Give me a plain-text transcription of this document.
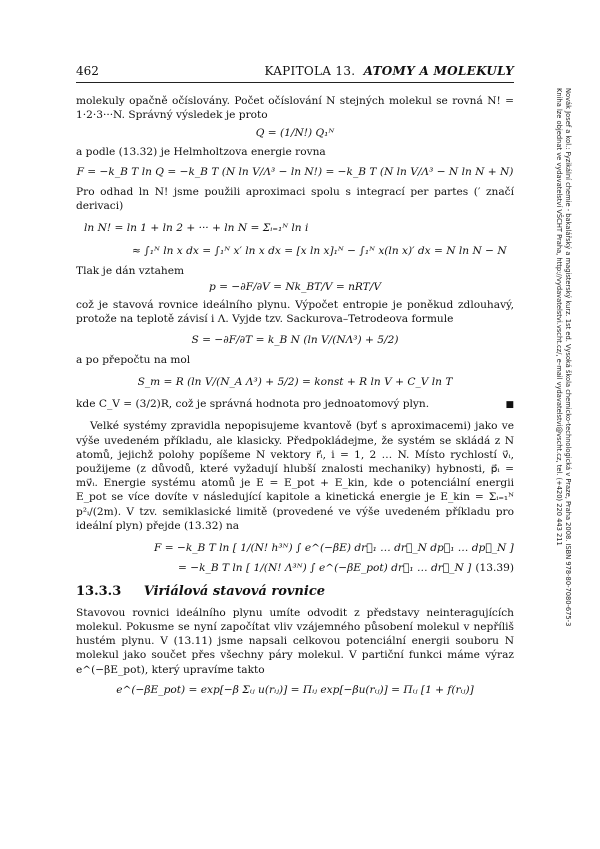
462	KAPITOLA 13. ATOMY A MOLEKULY

molekuly opačně očíslovány. Počet očíslování N stejných molekul se rovná N! = 1·2·3···N. Správný výsledek je proto

Q = (1/N!) Q₁ᴺ

a podle (13.32) je Helmholtzova energie rovna

F = −k_B T ln Q = −k_B T (N ln V/Λ³ − ln N!) = −k_B T (N ln V/Λ³ − N ln N + N)

Pro odhad ln N! jsme použili aproximaci spolu s integrací per partes (′ značí derivaci)

ln N! = ln 1 + ln 2 + ··· + ln N = Σᵢ₌₁ᴺ ln i
≈ ∫₁ᴺ ln x dx = ∫₁ᴺ x′ ln x dx = [x ln x]₁ᴺ − ∫₁ᴺ x(ln x)′ dx = N ln N − N

Tlak je dán vztahem

p = −∂F/∂V = Nk_BT/V = nRT/V

což je stavová rovnice ideálního plynu. Výpočet entropie je poněkud zdlouhavý, protože na teplotě závisí i Λ. Vyjde tzv. Sackurova–Tetrodeova formule

S = −∂F/∂T = k_B N (ln V/(NΛ³) + 5/2)

a po přepočtu na mol

S_m = R (ln V/(N_A Λ³) + 5/2) = konst + R ln V + C_V ln T

kde C_V = (3/2)R, což je správná hodnota pro jednoatomový plyn.	■

Velké systémy zpravidla nepopisujeme kvantově (byť s aproximacemi) jako ve výše uvedeném příkladu, ale klasicky. Předpokládejme, že systém se skládá z N atomů, jejichž polohy popíšeme N vektory r⃗ᵢ, i = 1, 2 … N. Místo rychlostí v⃗ᵢ, použijeme (z důvodů, které vyžadují hlubší znalosti mechaniky) hybnosti, p⃗ᵢ = mv⃗ᵢ. Energie systému atomů je E = E_pot + E_kin, kde o potenciální energii E_pot se více dovíte v následující kapitole a kinetická energie je E_kin = Σᵢ₌₁ᴺ p²ᵢ/(2m). V tzv. semiklasické limitě (provedené ve výše uvedeném příkladu pro ideální plyn) přejde (13.32) na

F = −k_B T ln [ 1/(N! h³ᴺ) ∫ e^(−βE) dr⃗₁ … dr⃗_N dp⃗₁ … dp⃗_N ]
= −k_B T ln [ 1/(N! Λ³ᴺ) ∫ e^(−βE_pot) dr⃗₁ … dr⃗_N ] (13.39)
13.3.3 Viriálová stavová rovnice

Stavovou rovnici ideálního plynu umíte odvodit z představy neinteragujících molekul. Pokusme se nyní započítat vliv vzájemného působení molekul v nepříliš hustém plynu. V (13.11) jsme napsali celkovou potenciální energii souboru N molekul jako součet přes všechny páry molekul. V partiční funkci máme výraz e^(−βE_pot), který upravíme takto

e^(−βE_pot) = exp[−β Σᵢⱼ u(rᵢⱼ)] = Πᵢⱼ exp[−βu(rᵢⱼ)] = Πᵢⱼ [1 + f(rᵢⱼ)]
Novák Josef a kol.: Fyzikální chemie - bakalářský a magisterský kurz. 1st ed. Vysoká škola chemicko-technologická v Praze, Praha 2008. ISBN 978-80-7080-675-3
Kniha lze objednat ve vydavatelství VŠCHT Praha, http://vydavatelstvi.vscht.cz/, e-mail vydavatelstvi@vscht.cz, tel. (+420) 220 443 211
